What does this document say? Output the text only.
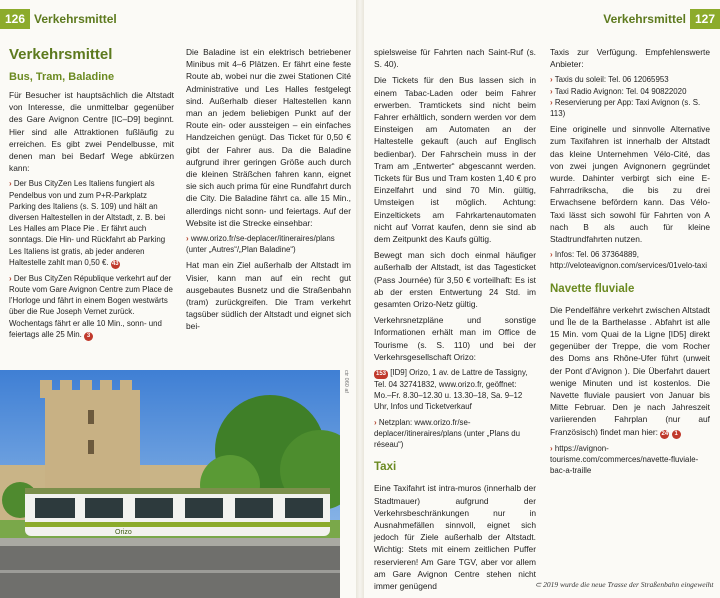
126 Verkehrsmittel
Verkehrsmittel
Bus, Tram, Baladine

Für Besucher ist hauptsächlich die Altstadt von Interesse, die unmittelbar gegenüber des Gare Avignon Centre [IC–D9] beginnt. Hier sind alle Attraktionen fußläufig zu erreichen. Es gibt zwei Pendelbusse, mit denen man bei Bedarf Wege abkürzen kann:

› Der Bus CityZen Les Italiens fungiert als Pendelbus von und zum P+R-Parkplatz Parking des Italiens (s. S. 109) und hält an diversen Haltestellen in der Altstadt, z. B. bei Les Halles am Place Pie . Er fährt auch sonntags. Die Hin- und Rückfahrt ab Parking Les Italiens ist gratis, ab jeder anderen Haltestelle zahlt man 0,50 €. 43
› Der Bus CityZen République verkehrt auf der Route vom Gare Avignon Centre zum Place de l’Horloge und fährt in einem Bogen westwärts über die Rue Joseph Vernet zurück. Wochentags fährt er alle 10 Min., sonn- und feiertags alle 25 Min. 3

Die Baladine ist ein elektrisch betriebener Minibus mit 4–6 Plätzen. Er fährt eine feste Route ab, wobei nur die zwei Stationen Cité Administrative und Les Halles festgelegt sind. Außerhalb dieser Haltestellen kann man an jedem beliebigen Punkt auf der Route ein- oder aussteigen – ein einfaches Handzeichen genügt. Das Ticket für 0,50 € gibt der Fahrer aus. Da die Baladine aufgrund ihrer geringen Größe auch durch die kleinen Sträßchen fahren kann, eignet sie sich auch prima für eine Rundfahrt durch die City. Die Baladine fährt ca. alle 15 Min., allerdings nicht sonn- und feiertags. Auf der Website ist die Strecke einsehbar:

› www.orizo.fr/se-deplacer/itineraires/plans (unter „Autres“/„Plan Baladine“)

Hat man ein Ziel außerhalb der Altstadt im Visier, kann man auf ein recht gut ausgebautes Busnetz und die Straßenbahn (tram) zurückgreifen. Die Tram verkehrt tagsüber südlich der Altstadt und eignet sich bei-

Orizo
ctr 060 af
Verkehrsmittel 127

spielsweise für Fahrten nach Saint-Ruf (s. S. 40).

Die Tickets für den Bus lassen sich in einem Tabac-Laden oder beim Fahrer erwerben. Tramtickets sind nicht beim Fahrer erhältlich, sondern werden vor dem Einsteigen am Automaten an der Haltestelle gekauft (auch auf Englisch bedienbar). Der Fahrschein muss in der Tram am „Entwerter“ abgescannt werden. Tickets für Bus und Tram kosten 1,40 € pro Einzelfahrt und sind 70 Min. gültig, Umsteigen ist möglich. Achtung: Einzeltickets am Fahrkartenautomaten nicht auf Vorrat kaufen, denn sie sind ab dem Zeitpunkt des Kaufs gültig.

Bewegt man sich doch einmal häufiger außerhalb der Altstadt, ist das Tagesticket (Pass Journée) für 3,50 € vorteilhaft: Es ist ab der ersten Entwertung 24 Std. im gesamten Orizo-Netz gültig.

Verkehrsnetzpläne und sonstige Informationen erhält man im Office de Tourisme (s. S. 110) und bei der Verkehrsgesellschaft Orizo:

153 [ID9] Orizo, 1 av. de Lattre de Tassigny, Tel. 04 32741832, www.orizo.fr, geöffnet: Mo.–Fr. 8.30–12.30 u. 13.30–18, Sa. 9–12 Uhr, Infos und Ticketverkauf
› Netzplan: www.orizo.fr/se-deplacer/itineraires/plans (unter „Plans du réseau“)
Taxi

Eine Taxifahrt ist intra-muros (innerhalb der Stadtmauer) aufgrund der Verkehrsbeschränkungen nur in Ausnahmefällen sinnvoll, eignet sich jedoch für Ziele außerhalb der Altstadt. Wichtig: Stets mit einem zeitlichen Puffer reservieren! Am Gare TGV, aber vor allem am Gare Avignon Centre stehen nicht immer genügend

Taxis zur Verfügung. Empfehlenswerte Anbieter:

› Taxis du soleil: Tel. 06 12065953
› Taxi Radio Avignon: Tel. 04 90822020
› Reservierung per App: Taxi Avignon (s. S. 113)

Eine originelle und sinnvolle Alternative zum Taxifahren ist innerhalb der Altstadt das kleine Unternehmen Vélo-Cité, das von zwei jungen Avignonern gegründet wurde. Dahinter verbirgt sich eine E-Fahrradrikscha, die bis zu drei Erwachsene befördern kann. Das Vélo-Taxi lässt sich sowohl für Fahrten von A nach B als auch für kleine Stadtrundfahrten nutzen.

› Infos: Tel. 06 37364889, http://veloteavignon.com/services/01velo-taxi
Navette fluviale

Die Pendelfähre verkehrt zwischen Altstadt und Île de la Barthelasse . Abfahrt ist alle 15 Min. vom Quai de la Ligne [ID5] direkt gegenüber der Treppe, die vom Rocher des Doms ans Rhône-Ufer führt (unweit der Pont d’Avignon ). Die Überfahrt dauert wenige Minuten und ist kostenlos. Die Navette fluviale pausiert von Januar bis Mitte Februar. Den je nach Jahreszeit variierenden Fahrplan (nur auf Französisch) findet man hier: 24 1

› https://avignon-tourisme.com/commerces/navette-fluviale-bac-a-traille
⊂ 2019 wurde die neue Trasse der Straßenbahn eingeweiht
